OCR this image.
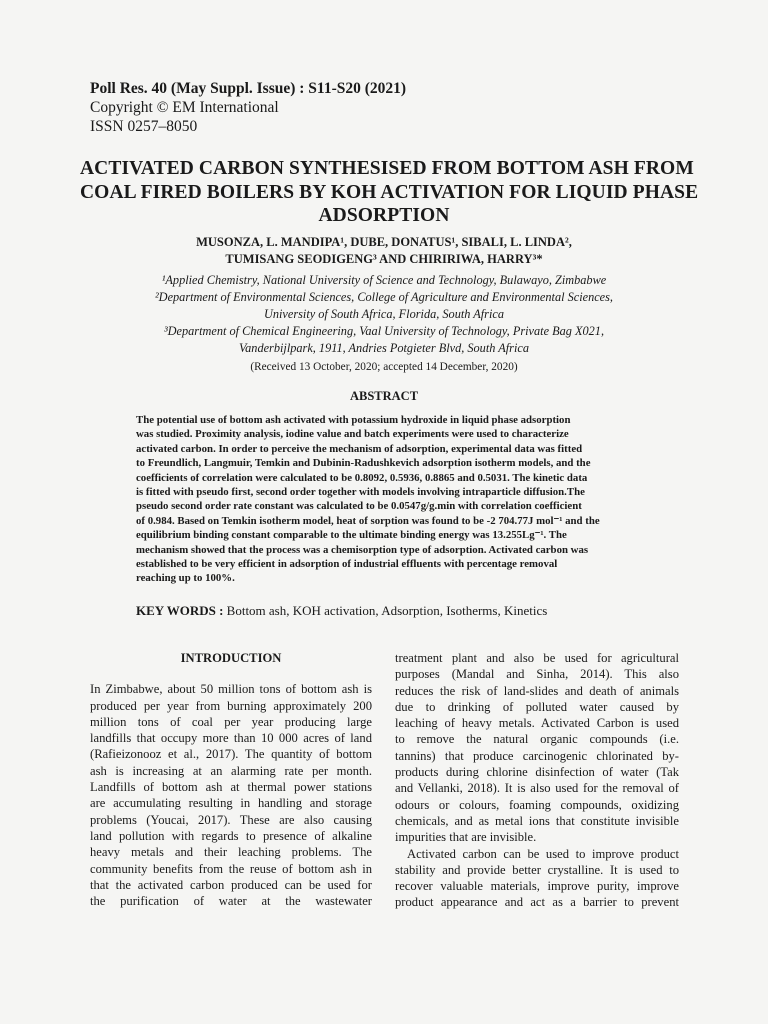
Poll Res. 40 (May Suppl. Issue) : S11-S20 (2021)
Copyright © EM International
ISSN 0257–8050
ACTIVATED CARBON SYNTHESISED FROM BOTTOM ASH FROM
COAL FIRED BOILERS BY KOH ACTIVATION FOR LIQUID PHASE
ADSORPTION
MUSONZA, L. MANDIPA¹, DUBE, DONATUS¹, SIBALI, L. LINDA²,
TUMISANG SEODIGENG³ AND CHIRIRIWA, HARRY³*
¹Applied Chemistry, National University of Science and Technology, Bulawayo, Zimbabwe
²Department of Environmental Sciences, College of Agriculture and Environmental Sciences,
University of South Africa, Florida, South Africa
³Department of Chemical Engineering, Vaal University of Technology, Private Bag X021,
Vanderbijlpark, 1911, Andries Potgieter Blvd, South Africa
(Received 13 October, 2020; accepted 14 December, 2020)
ABSTRACT
The potential use of bottom ash activated with potassium hydroxide in liquid phase adsorption
was studied. Proximity analysis, iodine value and batch experiments were used to characterize
activated carbon. In order to perceive the mechanism of adsorption, experimental data was fitted
to Freundlich, Langmuir, Temkin and Dubinin-Radushkevich adsorption isotherm models, and the
coefficients of correlation were calculated to be 0.8092, 0.5936, 0.8865 and 0.5031. The kinetic data
is fitted with pseudo first, second order together with models involving intraparticle diffusion.The
pseudo second order rate constant was calculated to be 0.0547g/g.min with correlation coefficient
of 0.984. Based on Temkin isotherm model, heat of sorption was found to be -2 704.77J mol⁻¹ and the
equilibrium binding constant comparable to the ultimate binding energy was 13.255Lg⁻¹. The
mechanism showed that the process was a chemisorption type of adsorption. Activated carbon was
established to be very efficient in adsorption of industrial effluents with percentage removal
reaching up to 100%.
KEY WORDS : Bottom ash, KOH activation, Adsorption, Isotherms, Kinetics
INTRODUCTION
In Zimbabwe, about 50 million tons of bottom ash is
produced per year from burning approximately 200
million tons of coal per year producing large
landfills that occupy more than 10 000 acres of land
(Rafieizonooz et al., 2017). The quantity of bottom
ash is increasing at an alarming rate per month.
Landfills of bottom ash at thermal power stations
are accumulating resulting in handling and storage
problems (Youcai, 2017). These are also causing
land pollution with regards to presence of alkaline
heavy metals and their leaching problems. The
community benefits from the reuse of bottom ash in
that the activated carbon produced can be used for
the purification of water at the wastewater
treatment plant and also be used for agricultural
purposes (Mandal and Sinha, 2014). This also
reduces the risk of land-slides and death of animals
due to drinking of polluted water caused by
leaching of heavy metals. Activated Carbon is used
to remove the natural organic compounds (i.e.
tannins) that produce carcinogenic chlorinated by-
products during chlorine disinfection of water (Tak
and Vellanki, 2018). It is also used for the removal of
odours or colours, foaming compounds, oxidizing
chemicals, and as metal ions that constitute invisible
impurities that are invisible.
Activated carbon can be used to improve product
stability and provide better crystalline. It is used to
recover valuable materials, improve purity, improve
product appearance and act as a barrier to prevent
